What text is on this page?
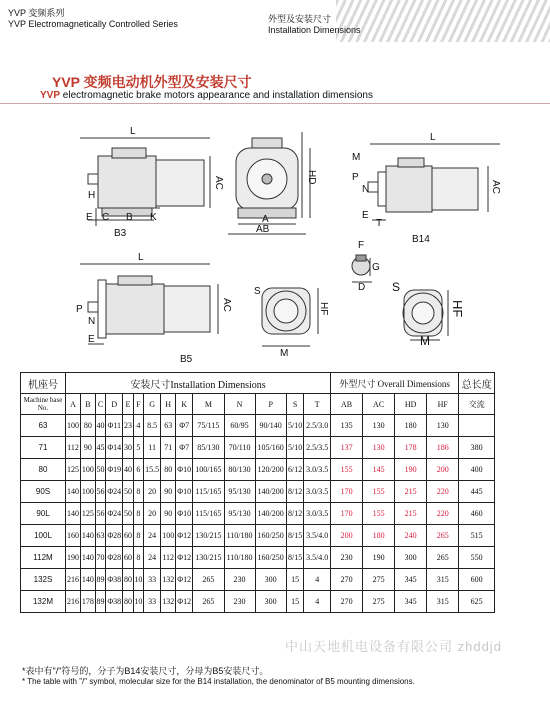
YVP 变频系列
YVP Electromagnetically Controlled Series	外型及安装尺寸
Installation Dimensions
YVP 变频电动机外型及安装尺寸
YVP electromagnetic brake motors appearance and installation dimensions
L
AC
E C B K
H
B3
A
AB
HD
L
AC
P
N
E
M
T
B14
F
G
D
L
AC
P
N
E
B5
S
HF
M
S
HF
M
机座号	安装尺寸Installation Dimensions														外型尺寸 Overall Dimensions				总长度
Machine base No.	A	B	C	D	E	F	G	H	K	M	N	P	S	T	AB	AC	HD	HF	交流
63	100	80	40	Φ11	23	4	8.5	63	Φ7	75/115	60/95	90/140	5/10	2.5/3.0	135	130	180	130	
71	112	90	45	Φ14	30	5	11	71	Φ7	85/130	70/110	105/160	5/10	2.5/3.5	137	130	178	186	380
80	125	100	50	Φ19	40	6	15.5	80	Φ10	100/165	80/130	120/200	6/12	3.0/3.5	155	145	190	200	400
90S	140	100	56	Φ24	50	8	20	90	Φ10	115/165	95/130	140/200	8/12	3.0/3.5	170	155	215	220	445
90L	140	125	56	Φ24	50	8	20	90	Φ10	115/165	95/130	140/200	8/12	3.0/3.5	170	155	215	220	460
100L	160	140	63	Φ28	60	8	24	100	Φ12	130/215	110/180	160/250	8/15	3.5/4.0	200	180	240	265	515
112M	190	140	70	Φ28	60	8	24	112	Φ12	130/215	110/180	160/250	8/15	3.5/4.0	230	190	300	265	550
132S	216	140	89	Φ38	80	10	33	132	Φ12	265	230	300	15	4	270	275	345	315	600
132M	216	178	89	Φ38	80	10	33	132	Φ12	265	230	300	15	4	270	275	345	315	625
中山天地机电设备有限公司 zhddjd
*表中有"/"符号的，分子为B14安装尺寸，分母为B5安装尺寸。
* The table with "/" symbol, molecular size for the B14 installation, the denominator of B5 mounting dimensions.
